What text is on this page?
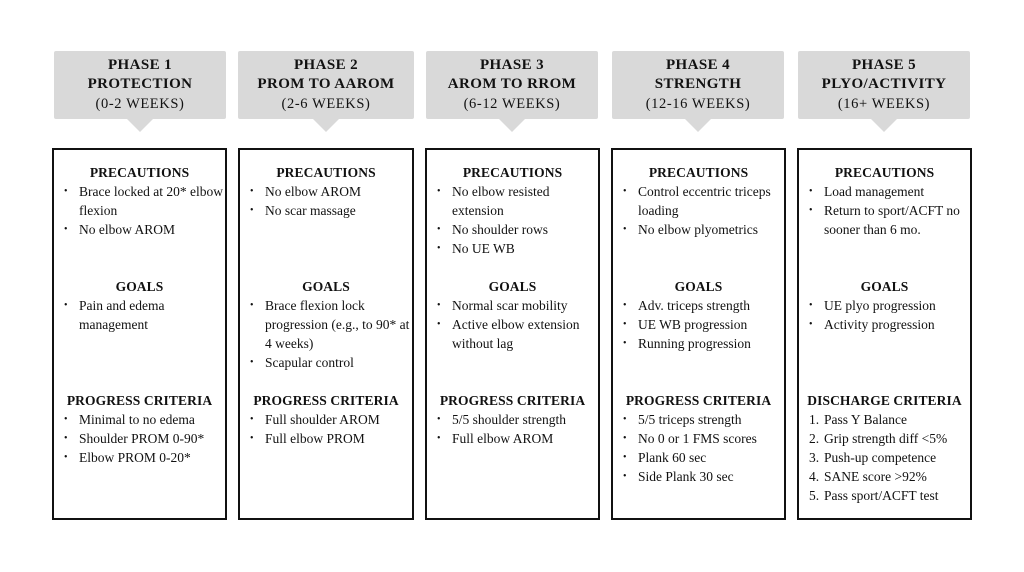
PHASE 1
PROTECTION
(0-2 WEEKS)
PRECAUTIONS
• Brace locked at 20* elbow flexion
• No elbow AROM
GOALS
• Pain and edema management
PROGRESS CRITERIA
• Minimal to no edema
• Shoulder PROM 0-90*
• Elbow PROM 0-20*
PHASE 2
PROM TO AAROM
(2-6 WEEKS)
PRECAUTIONS
• No elbow AROM
• No scar massage
GOALS
• Brace flexion lock progression (e.g., to 90* at 4 weeks)
• Scapular control
PROGRESS CRITERIA
• Full shoulder AROM
• Full elbow PROM
PHASE 3
AROM TO RROM
(6-12 WEEKS)
PRECAUTIONS
• No elbow resisted extension
• No shoulder rows
• No UE WB
GOALS
• Normal scar mobility
• Active elbow extension without lag
PROGRESS CRITERIA
• 5/5 shoulder strength
• Full elbow AROM
PHASE 4
STRENGTH
(12-16 WEEKS)
PRECAUTIONS
• Control eccentric triceps loading
• No elbow plyometrics
GOALS
• Adv. triceps strength
• UE WB progression
• Running progression
PROGRESS CRITERIA
• 5/5 triceps strength
• No 0 or 1 FMS scores
• Plank 60 sec
• Side Plank 30 sec
PHASE 5
PLYO/ACTIVITY
(16+ WEEKS)
PRECAUTIONS
• Load management
• Return to sport/ACFT no sooner than 6 mo.
GOALS
• UE plyo progression
• Activity progression
DISCHARGE CRITERIA
1. Pass Y Balance
2. Grip strength diff <5%
3. Push-up competence
4. SANE score >92%
5. Pass sport/ACFT test
